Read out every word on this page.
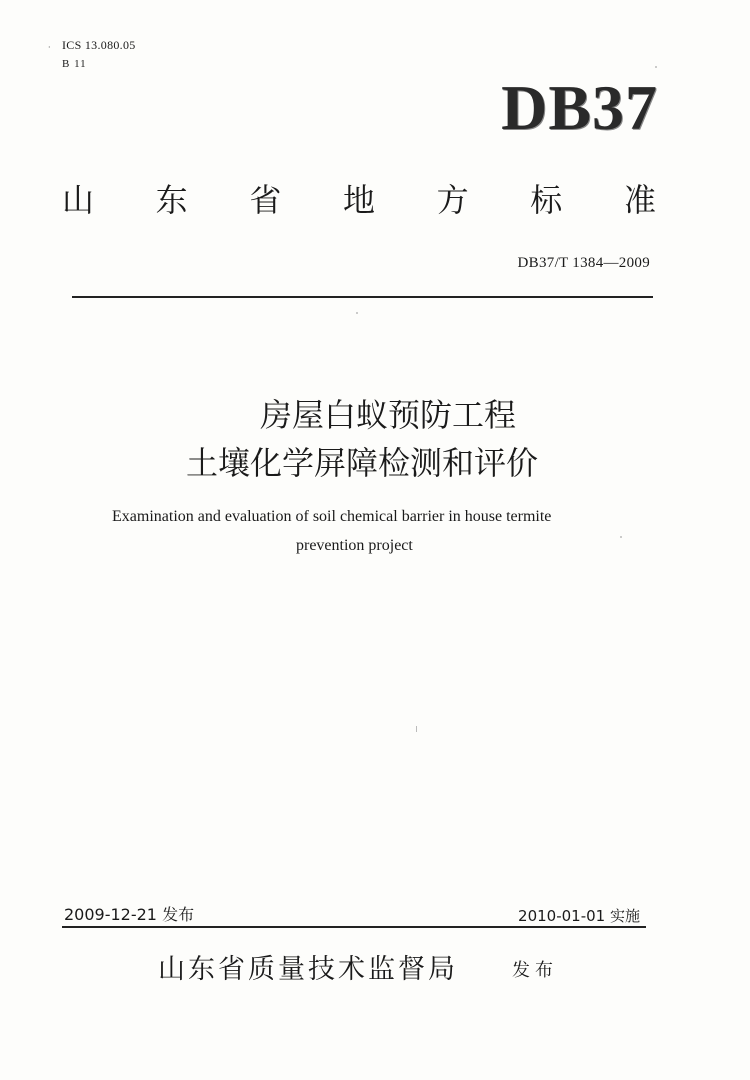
· ICS 13.080.05
B 11
DB37
山 东 省 地 方 标 准
DB37/T 1384—2009
房屋白蚁预防工程
土壤化学屏障检测和评价
Examination and evaluation of soil chemical barrier in house termite
prevention project
2009-12-21 发布	2010-01-01 实施
山东省质量技术监督局	发布
